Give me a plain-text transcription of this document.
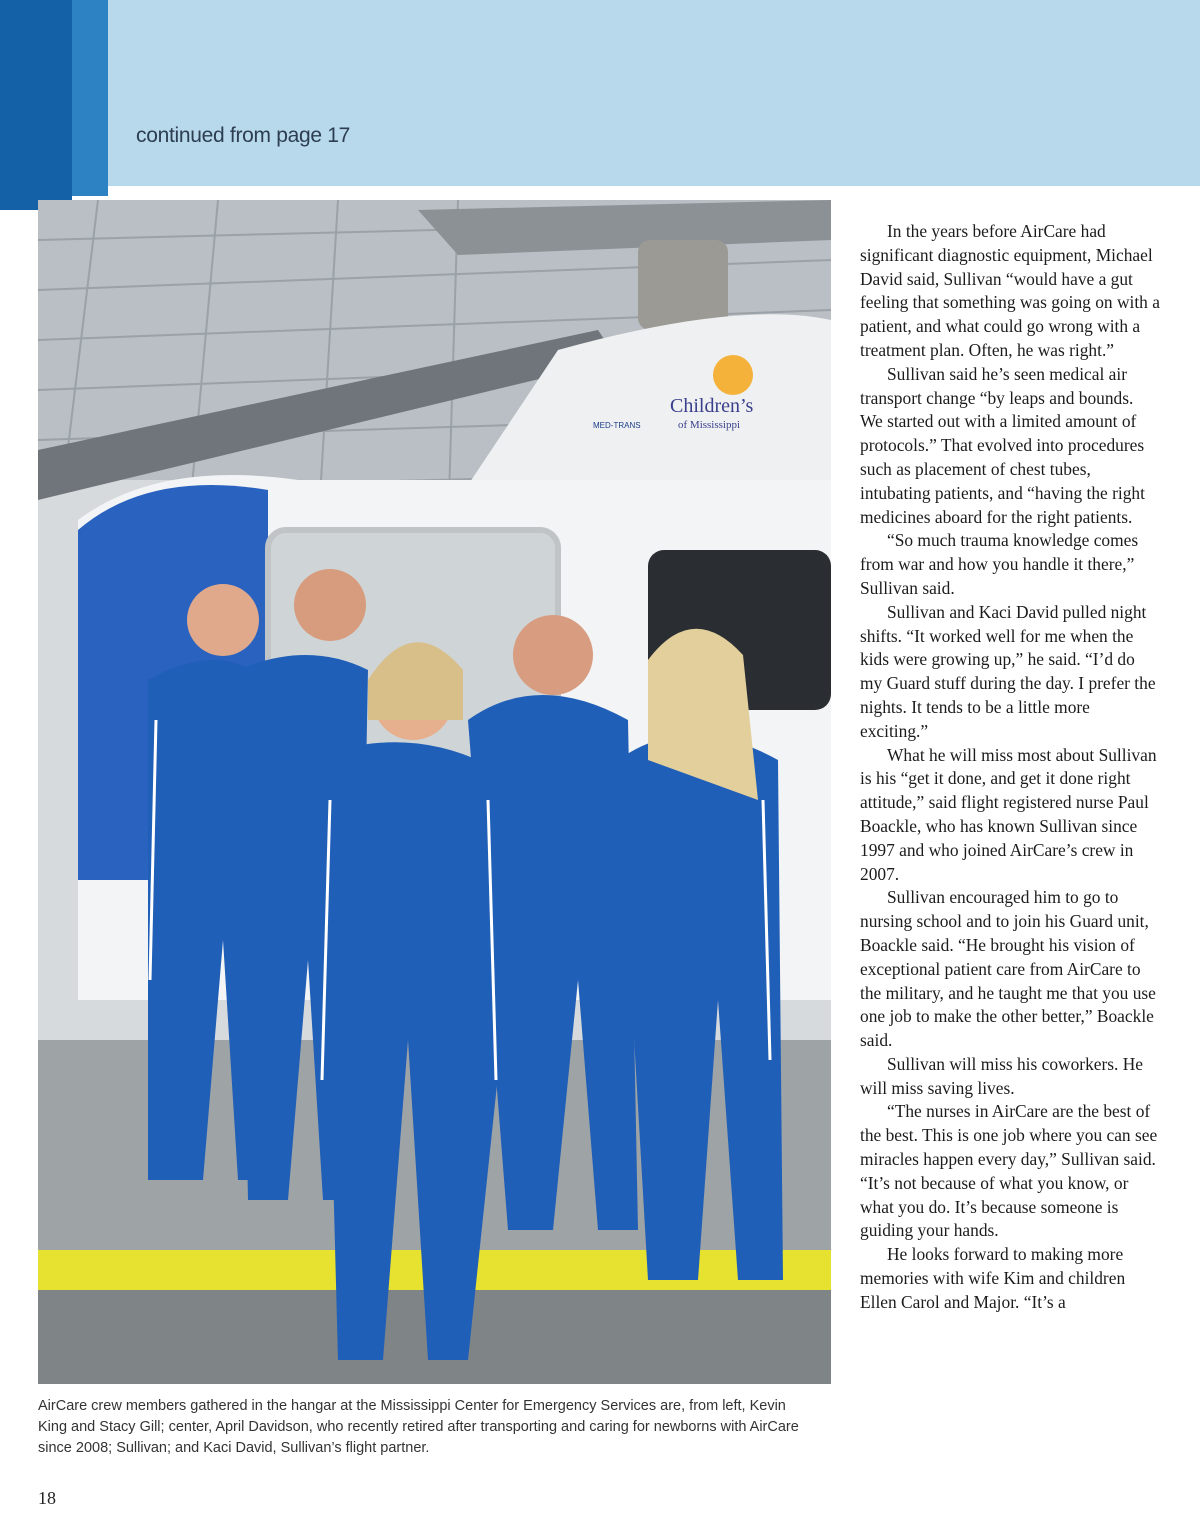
continued from page 17
Children’s
of Mississippi
MED-TRANS
AirCare crew members gathered in the hangar at the Mississippi Center for Emergency Services are, from left, Kevin King and Stacy Gill; center, April Davidson, who recently retired after transporting and caring for newborns with AirCare since 2008; Sullivan; and Kaci David, Sullivan’s flight partner.

In the years before AirCare had significant diagnostic equipment, Michael David said, Sullivan “would have a gut feeling that something was going on with a patient, and what could go wrong with a treatment plan. Often, he was right.”

Sullivan said he’s seen medical air transport change “by leaps and bounds. We started out with a limited amount of protocols.” That evolved into procedures such as placement of chest tubes, intubating patients, and “having the right medicines aboard for the right patients.

“So much trauma knowledge comes from war and how you handle it there,” Sullivan said.

Sullivan and Kaci David pulled night shifts. “It worked well for me when the kids were growing up,” he said. “I’d do my Guard stuff during the day. I prefer the nights. It tends to be a little more exciting.”

What he will miss most about Sullivan is his “get it done, and get it done right attitude,” said flight registered nurse Paul Boackle, who has known Sullivan since 1997 and who joined AirCare’s crew in 2007.

Sullivan encouraged him to go to nursing school and to join his Guard unit, Boackle said. “He brought his vision of exceptional patient care from AirCare to the military, and he taught me that you use one job to make the other better,” Boackle said.

Sullivan will miss his coworkers. He will miss saving lives.

“The nurses in AirCare are the best of the best. This is one job where you can see miracles happen every day,” Sullivan said. “It’s not because of what you know, or what you do. It’s because someone is guiding your hands.

He looks forward to making more memories with wife Kim and children Ellen Carol and Major. “It’s a

18
